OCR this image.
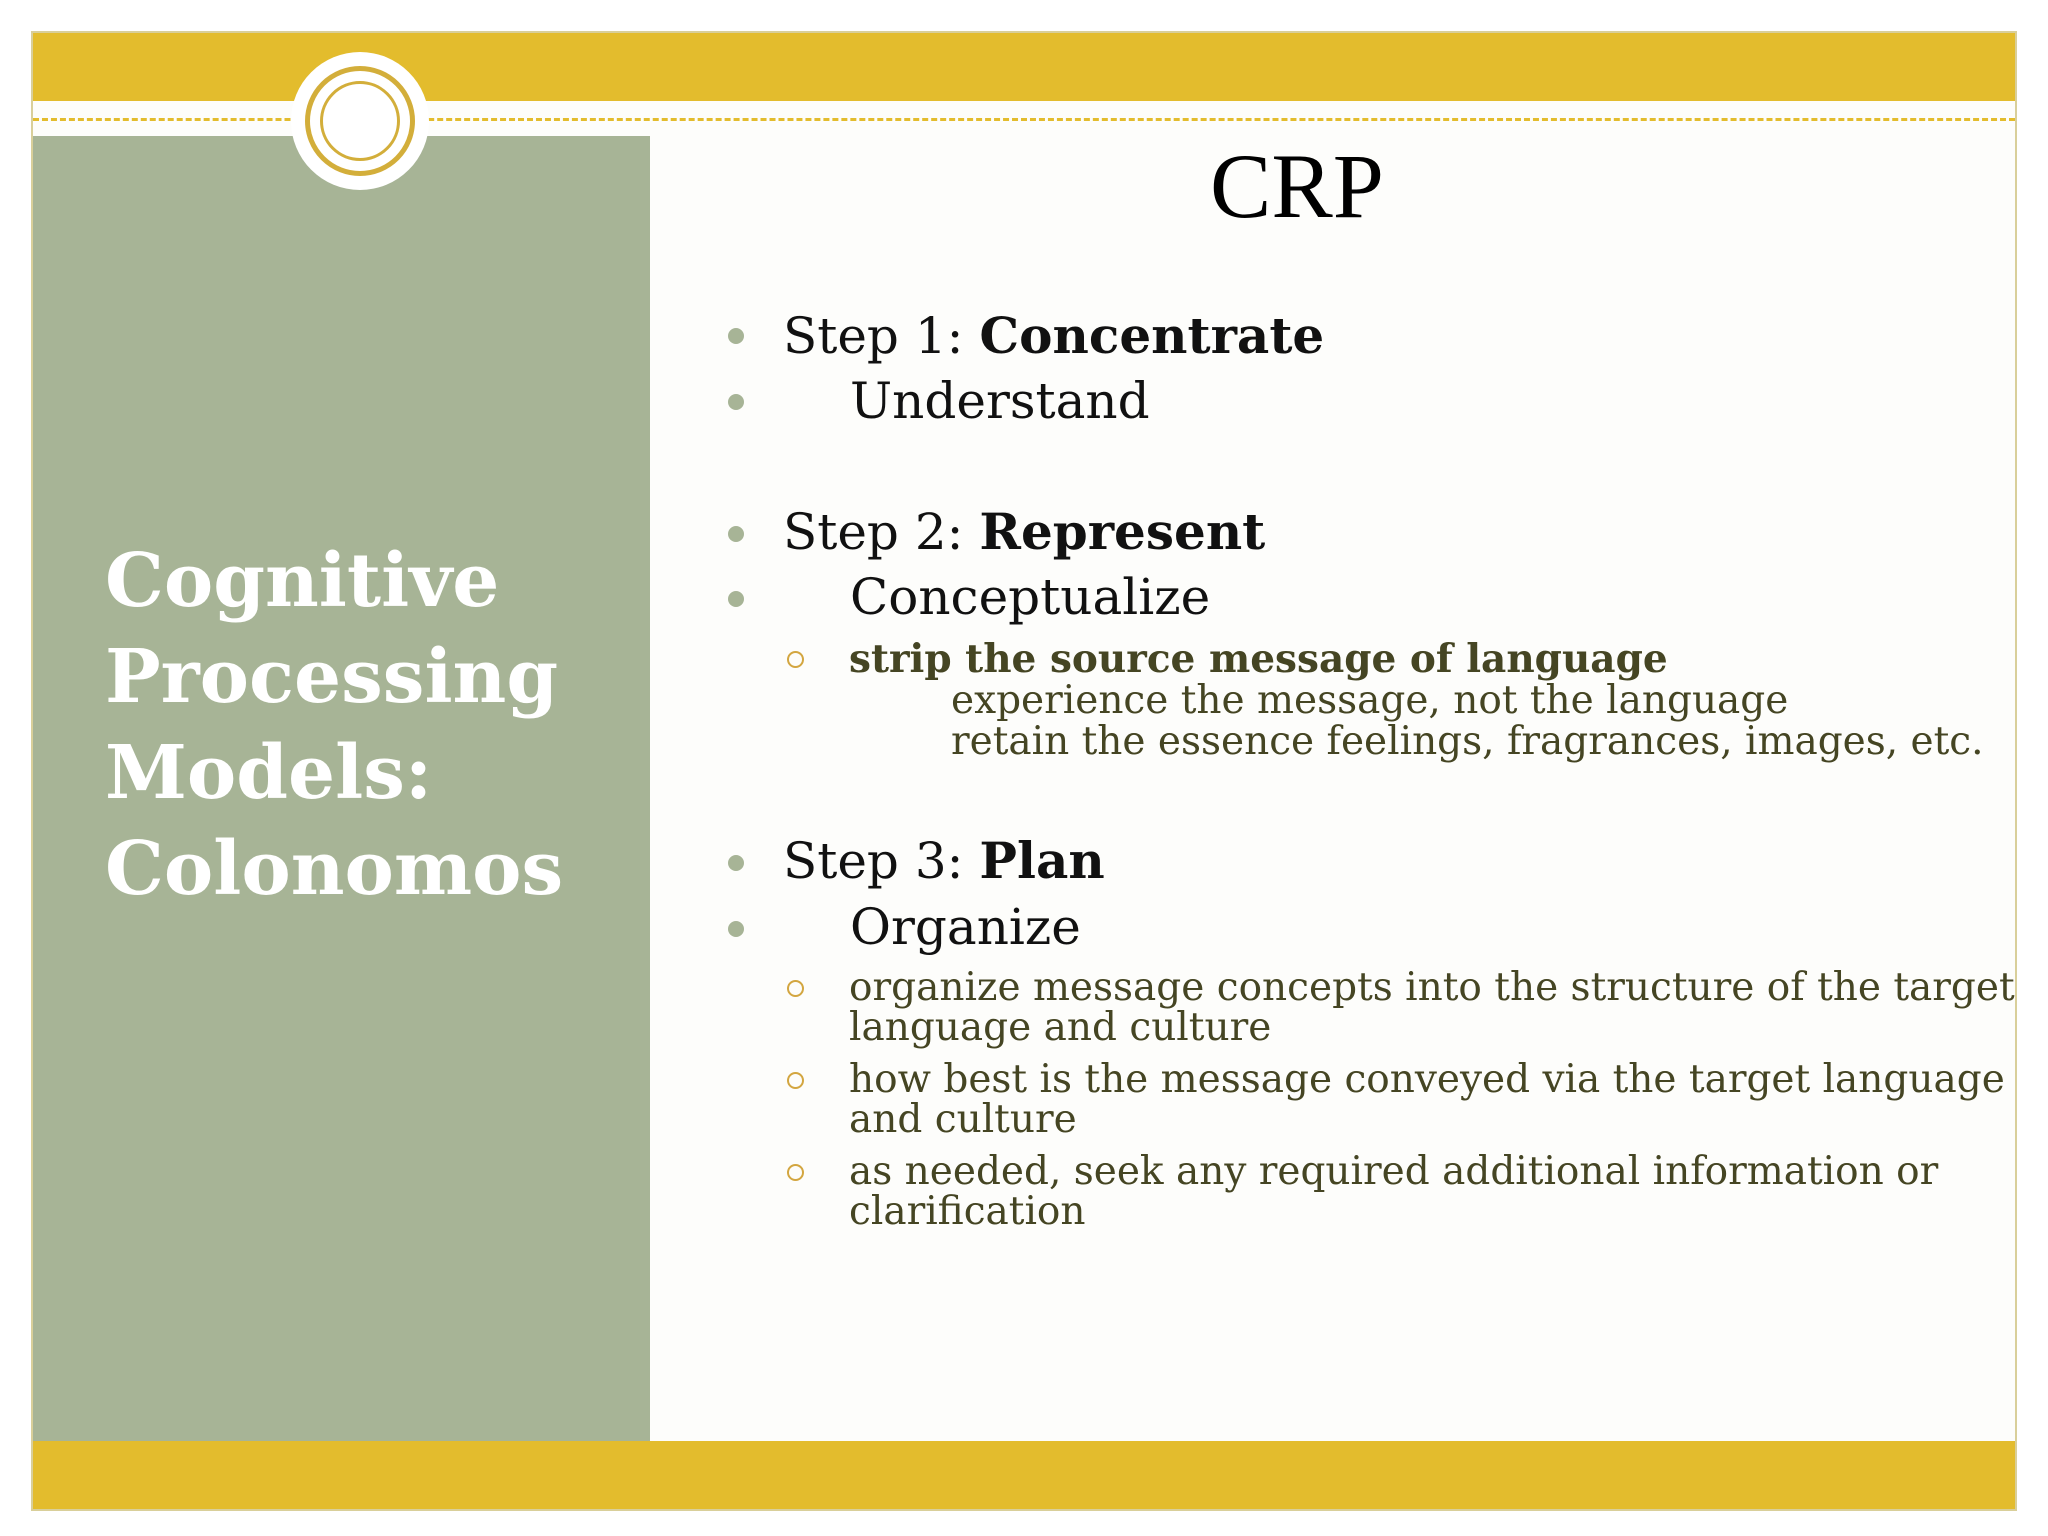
Cognitive
Processing
Models:
Colonomos
CRP
Step 1: Concentrate
Understand
Step 2: Represent
Conceptualize
strip the source message of language
experience the message, not the language
retain the essence feelings, fragrances, images, etc.
Step 3: Plan
Organize
organize message concepts into the structure of the target
language and culture
how best is the message conveyed via the target language
and culture
as needed, seek any required additional information or
clarification
